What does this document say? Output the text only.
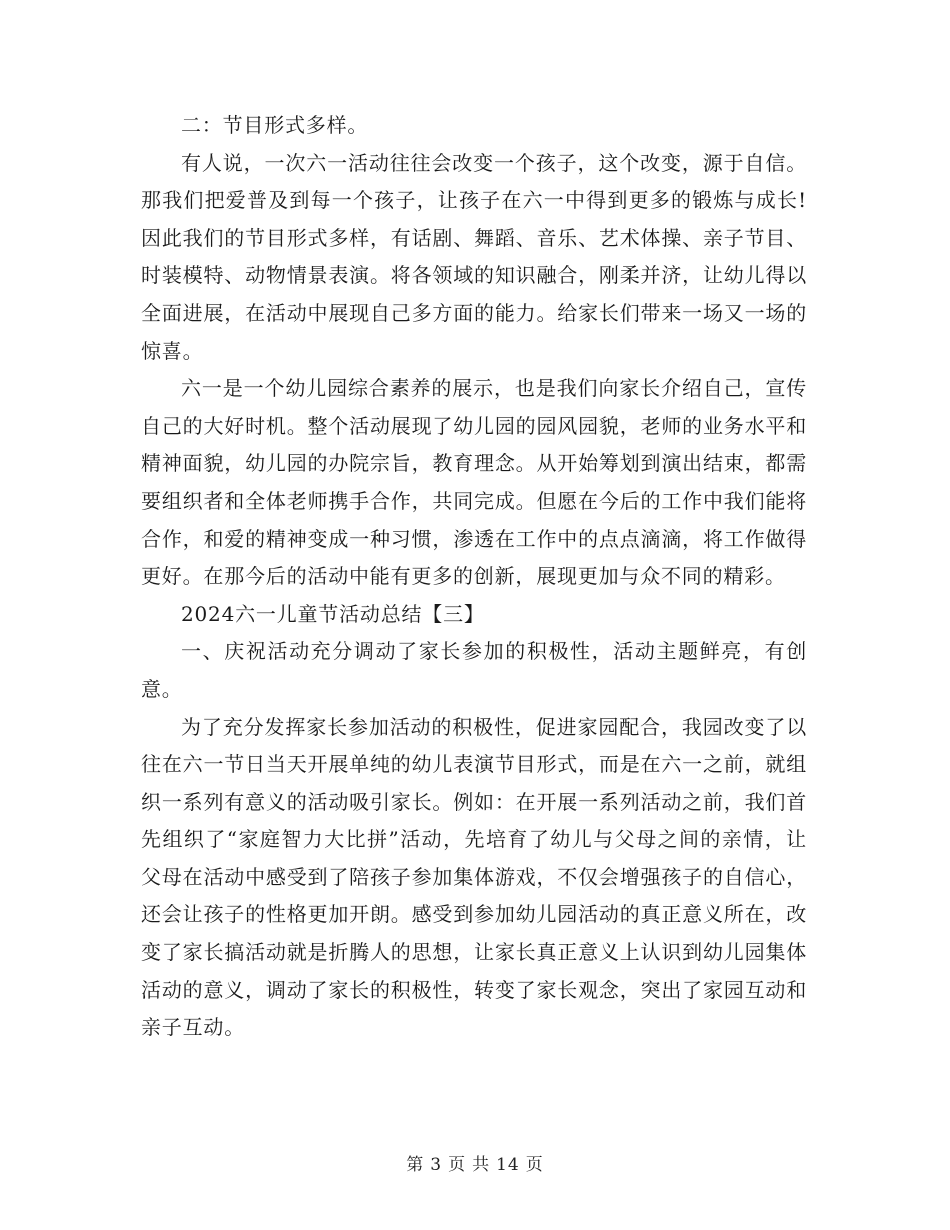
二：节目形式多样。

有人说，一次六一活动往往会改变一个孩子，这个改变，源于自信。那我们把爱普及到每一个孩子，让孩子在六一中得到更多的锻炼与成长!因此我们的节目形式多样，有话剧、舞蹈、音乐、艺术体操、亲子节目、时装模特、动物情景表演。将各领域的知识融合，刚柔并济，让幼儿得以全面进展，在活动中展现自己多方面的能力。给家长们带来一场又一场的惊喜。

六一是一个幼儿园综合素养的展示，也是我们向家长介绍自己，宣传自己的大好时机。整个活动展现了幼儿园的园风园貌，老师的业务水平和精神面貌，幼儿园的办院宗旨，教育理念。从开始筹划到演出结束，都需要组织者和全体老师携手合作，共同完成。但愿在今后的工作中我们能将合作，和爱的精神变成一种习惯，渗透在工作中的点点滴滴，将工作做得更好。在那今后的活动中能有更多的创新，展现更加与众不同的精彩。

2024六一儿童节活动总结【三】

一、庆祝活动充分调动了家长参加的积极性，活动主题鲜亮，有创意。

为了充分发挥家长参加活动的积极性，促进家园配合，我园改变了以往在六一节日当天开展单纯的幼儿表演节目形式，而是在六一之前，就组织一系列有意义的活动吸引家长。例如：在开展一系列活动之前，我们首先组织了“家庭智力大比拼”活动，先培育了幼儿与父母之间的亲情，让父母在活动中感受到了陪孩子参加集体游戏，不仅会增强孩子的自信心，还会让孩子的性格更加开朗。感受到参加幼儿园活动的真正意义所在，改变了家长搞活动就是折腾人的思想，让家长真正意义上认识到幼儿园集体活动的意义，调动了家长的积极性，转变了家长观念，突出了家园互动和亲子互动。

第 3 页 共 14 页
